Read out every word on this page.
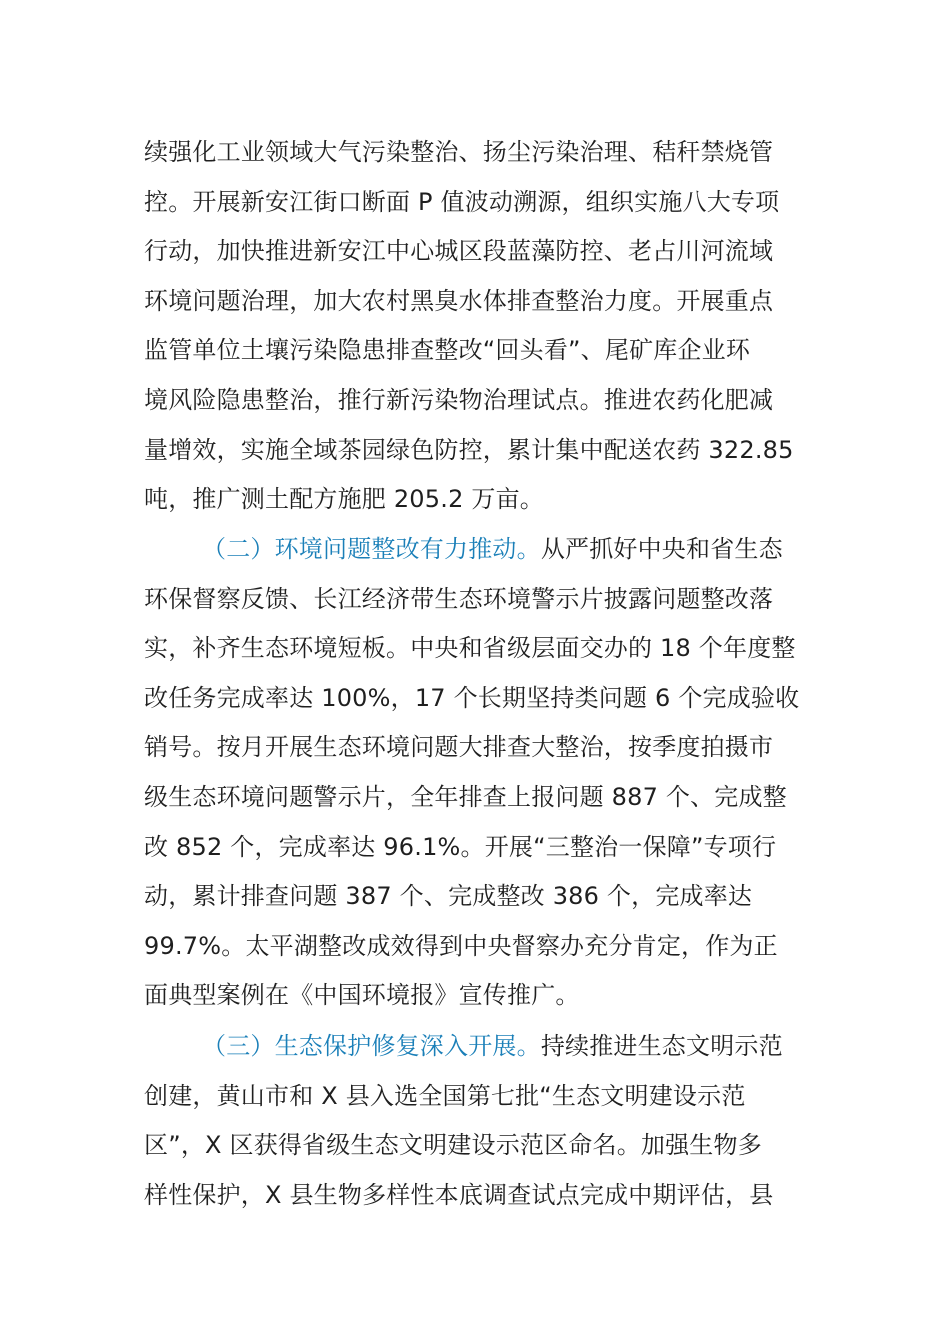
续强化工业领域大气污染整治、扬尘污染治理、秸秆禁烧管
控。开展新安江街口断面 P 值波动溯源，组织实施八大专项
行动，加快推进新安江中心城区段蓝藻防控、老占川河流域
环境问题治理，加大农村黑臭水体排查整治力度。开展重点
监管单位土壤污染隐患排查整改“回头看”、尾矿库企业环
境风险隐患整治，推行新污染物治理试点。推进农药化肥减
量增效，实施全域茶园绿色防控，累计集中配送农药 322.85
吨，推广测土配方施肥 205.2 万亩。
（二）环境问题整改有力推动。 从严抓好中央和省生态
环保督察反馈、长江经济带生态环境警示片披露问题整改落
实，补齐生态环境短板。中央和省级层面交办的 18 个年度整
改任务完成率达 100%，17 个长期坚持类问题 6 个完成验收
销号。按月开展生态环境问题大排查大整治，按季度拍摄市
级生态环境问题警示片，全年排查上报问题 887 个、完成整
改 852 个，完成率达 96.1%。开展“三整治一保障”专项行
动，累计排查问题 387 个、完成整改 386 个，完成率达
99.7%。太平湖整改成效得到中央督察办充分肯定，作为正
面典型案例在《中国环境报》宣传推广。
（三）生态保护修复深入开展。 持续推进生态文明示范
创建，黄山市和 X 县入选全国第七批“生态文明建设示范
区”，X 区获得省级生态文明建设示范区命名。加强生物多
样性保护，X 县生物多样性本底调查试点完成中期评估，县
